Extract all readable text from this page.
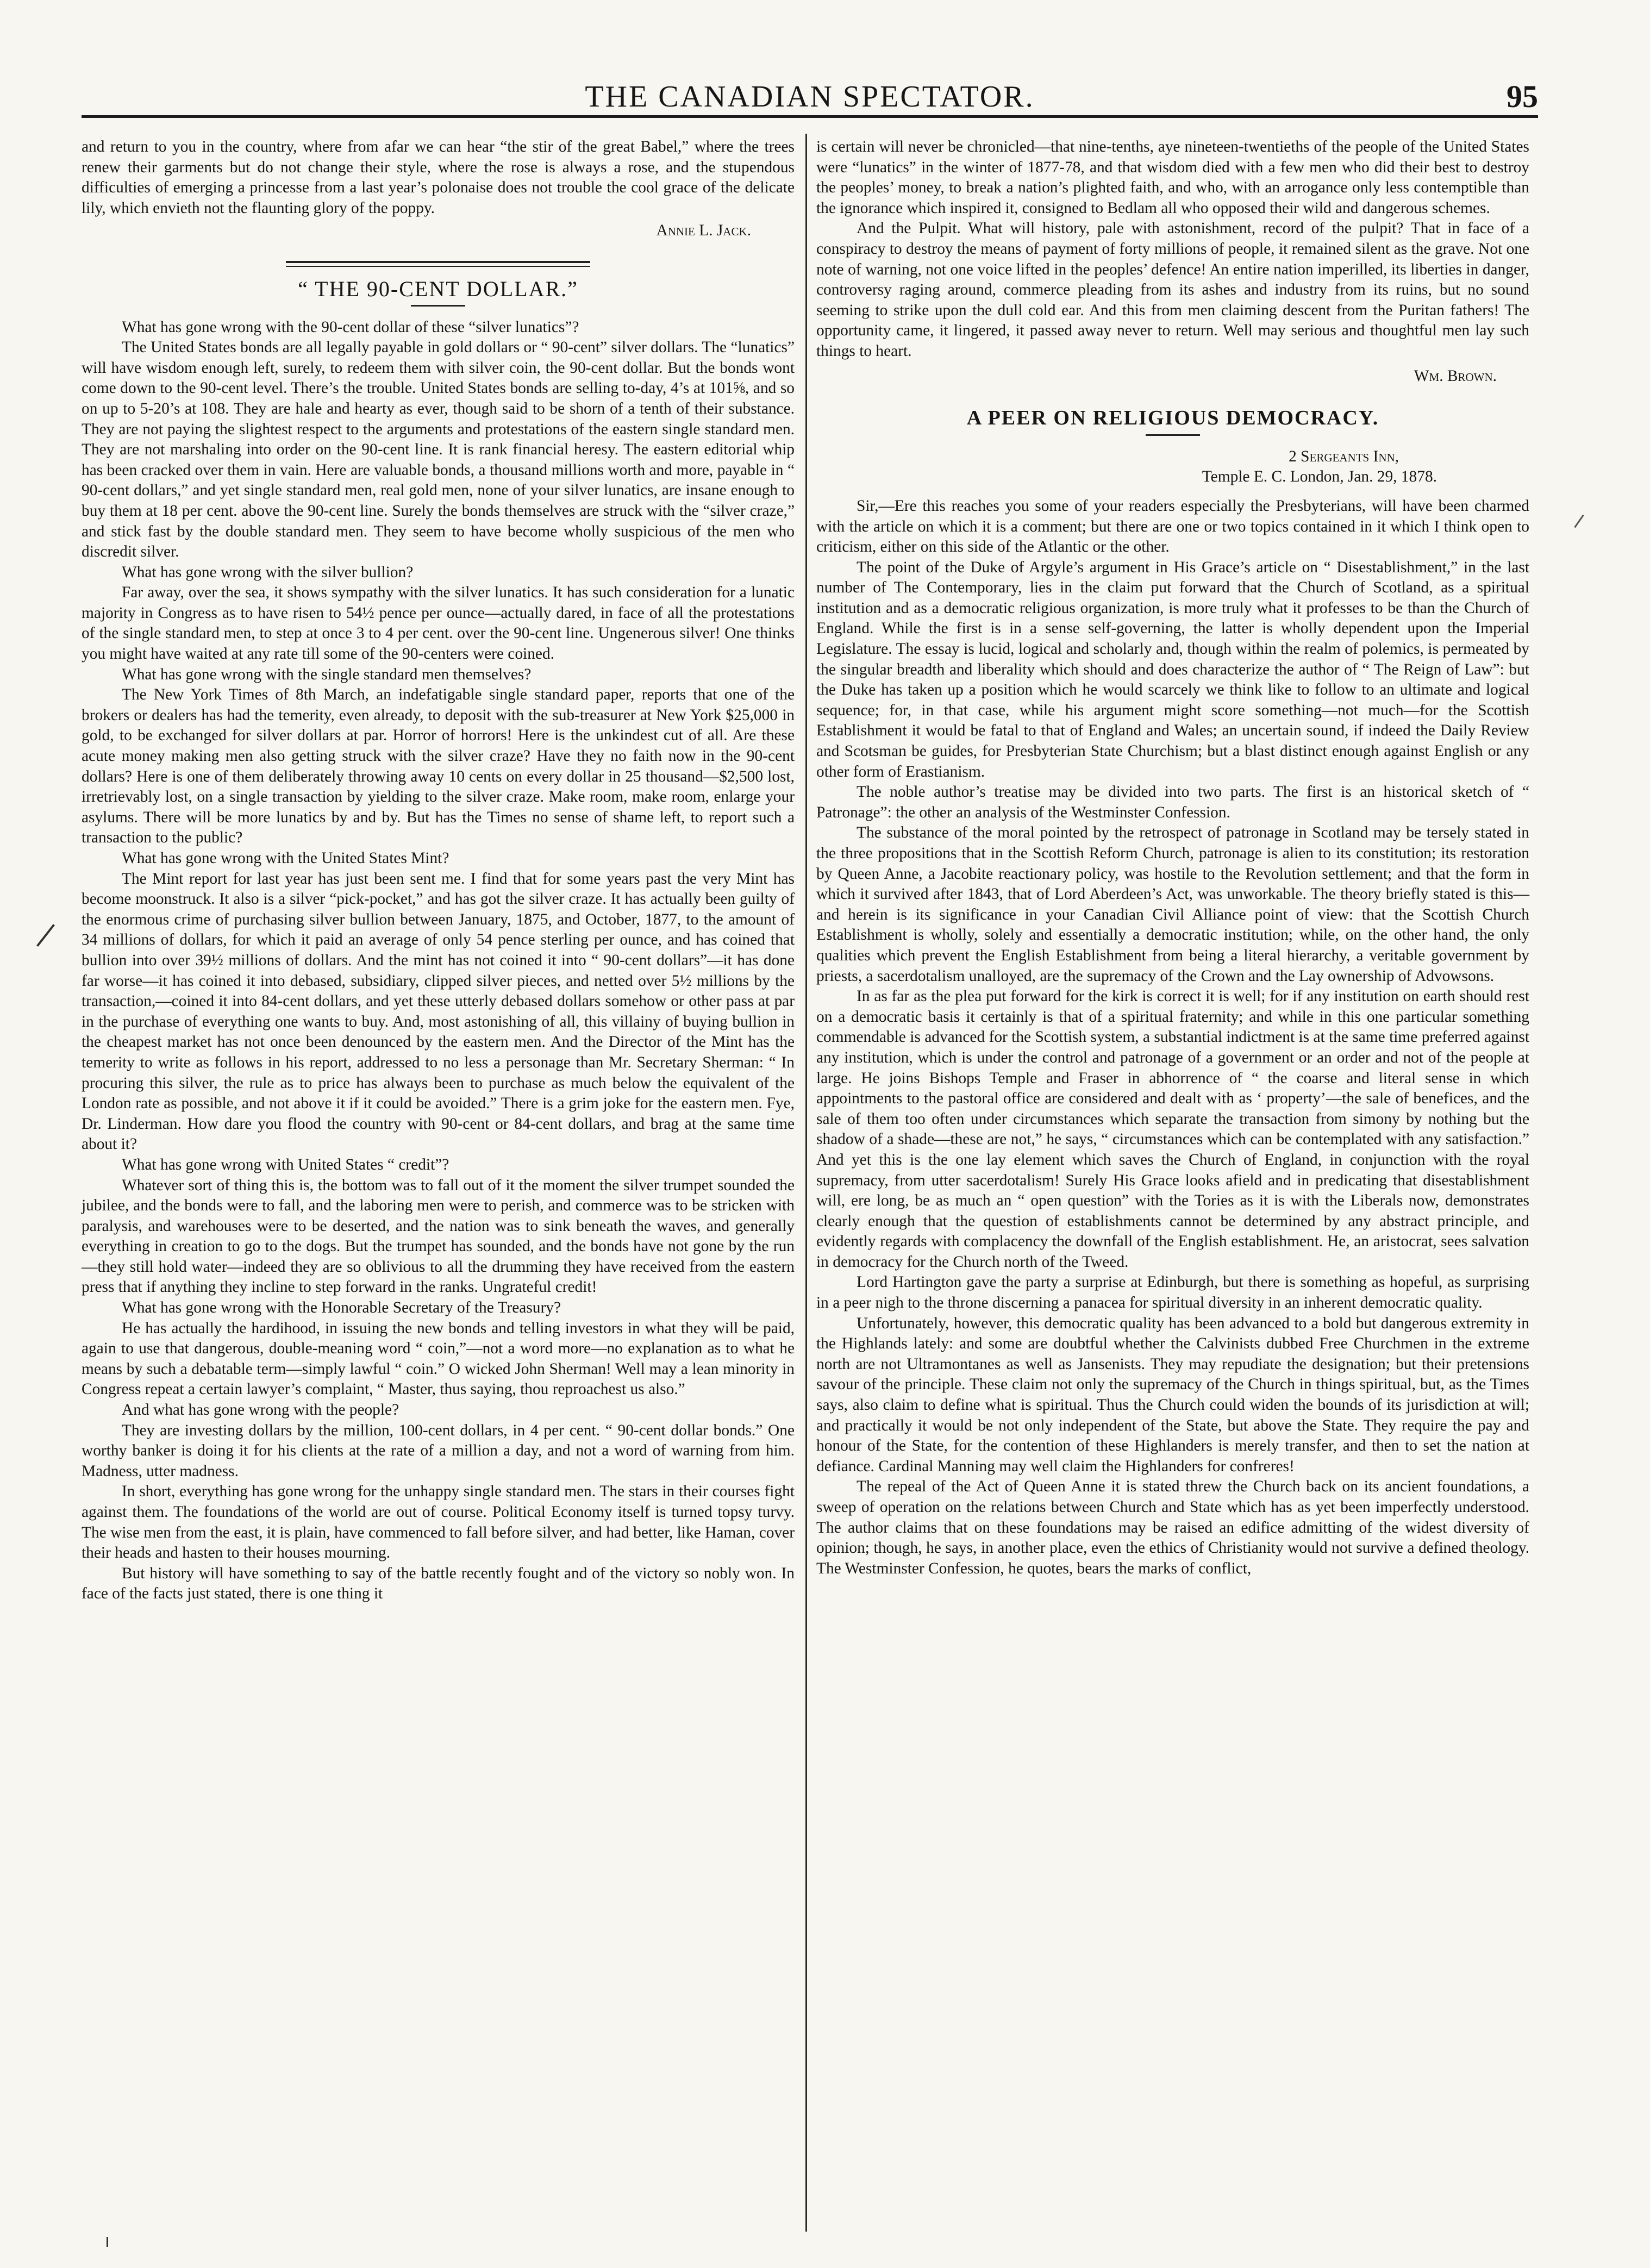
THE CANADIAN SPECTATOR.	95

and return to you in the country, where from afar we can hear “the stir of the great Babel,” where the trees renew their garments but do not change their style, where the rose is always a rose, and the stupendous difficulties of emerging a princesse from a last year’s polonaise does not trouble the cool grace of the delicate lily, which envieth not the flaunting glory of the poppy.

Annie L. Jack.
“ THE 90-CENT DOLLAR.”

What has gone wrong with the 90-cent dollar of these “silver lunatics”?

The United States bonds are all legally payable in gold dollars or “ 90-cent” silver dollars. The “lunatics” will have wisdom enough left, surely, to redeem them with silver coin, the 90-cent dollar. But the bonds wont come down to the 90-cent level. There’s the trouble. United States bonds are selling to-day, 4’s at 101⅝, and so on up to 5-20’s at 108. They are hale and hearty as ever, though said to be shorn of a tenth of their substance. They are not paying the slightest respect to the arguments and protestations of the eastern single standard men. They are not marshaling into order on the 90-cent line. It is rank financial heresy. The eastern editorial whip has been cracked over them in vain. Here are valuable bonds, a thousand millions worth and more, payable in “ 90-cent dollars,” and yet single standard men, real gold men, none of your silver lunatics, are insane enough to buy them at 18 per cent. above the 90-cent line. Surely the bonds themselves are struck with the “silver craze,” and stick fast by the double standard men. They seem to have become wholly suspicious of the men who discredit silver.

What has gone wrong with the silver bullion?

Far away, over the sea, it shows sympathy with the silver lunatics. It has such consideration for a lunatic majority in Congress as to have risen to 54½ pence per ounce—actually dared, in face of all the protestations of the single standard men, to step at once 3 to 4 per cent. over the 90-cent line. Ungenerous silver! One thinks you might have waited at any rate till some of the 90-centers were coined.

What has gone wrong with the single standard men themselves?

The New York Times of 8th March, an indefatigable single standard paper, reports that one of the brokers or dealers has had the temerity, even already, to deposit with the sub-treasurer at New York $25,000 in gold, to be exchanged for silver dollars at par. Horror of horrors! Here is the unkindest cut of all. Are these acute money making men also getting struck with the silver craze? Have they no faith now in the 90-cent dollars? Here is one of them deliberately throwing away 10 cents on every dollar in 25 thousand—$2,500 lost, irretrievably lost, on a single transaction by yielding to the silver craze. Make room, make room, enlarge your asylums. There will be more lunatics by and by. But has the Times no sense of shame left, to report such a transaction to the public?

What has gone wrong with the United States Mint?

The Mint report for last year has just been sent me. I find that for some years past the very Mint has become moonstruck. It also is a silver “pick-pocket,” and has got the silver craze. It has actually been guilty of the enormous crime of purchasing silver bullion between January, 1875, and October, 1877, to the amount of 34 millions of dollars, for which it paid an average of only 54 pence sterling per ounce, and has coined that bullion into over 39½ millions of dollars. And the mint has not coined it into “ 90-cent dollars”—it has done far worse—it has coined it into debased, subsidiary, clipped silver pieces, and netted over 5½ millions by the transaction,—coined it into 84-cent dollars, and yet these utterly debased dollars somehow or other pass at par in the purchase of everything one wants to buy. And, most astonishing of all, this villainy of buying bullion in the cheapest market has not once been denounced by the eastern men. And the Director of the Mint has the temerity to write as follows in his report, addressed to no less a personage than Mr. Secretary Sherman: “ In procuring this silver, the rule as to price has always been to purchase as much below the equivalent of the London rate as possible, and not above it if it could be avoided.” There is a grim joke for the eastern men. Fye, Dr. Linderman. How dare you flood the country with 90-cent or 84-cent dollars, and brag at the same time about it?

What has gone wrong with United States “ credit”?

Whatever sort of thing this is, the bottom was to fall out of it the moment the silver trumpet sounded the jubilee, and the bonds were to fall, and the laboring men were to perish, and commerce was to be stricken with paralysis, and warehouses were to be deserted, and the nation was to sink beneath the waves, and generally everything in creation to go to the dogs. But the trumpet has sounded, and the bonds have not gone by the run—they still hold water—indeed they are so oblivious to all the drumming they have received from the eastern press that if anything they incline to step forward in the ranks. Ungrateful credit!

What has gone wrong with the Honorable Secretary of the Treasury?

He has actually the hardihood, in issuing the new bonds and telling investors in what they will be paid, again to use that dangerous, double-meaning word “ coin,”—not a word more—no explanation as to what he means by such a debatable term—simply lawful “ coin.” O wicked John Sherman! Well may a lean minority in Congress repeat a certain lawyer’s complaint, “ Master, thus saying, thou reproachest us also.”

And what has gone wrong with the people?

They are investing dollars by the million, 100-cent dollars, in 4 per cent. “ 90-cent dollar bonds.” One worthy banker is doing it for his clients at the rate of a million a day, and not a word of warning from him. Madness, utter madness.

In short, everything has gone wrong for the unhappy single standard men. The stars in their courses fight against them. The foundations of the world are out of course. Political Economy itself is turned topsy turvy. The wise men from the east, it is plain, have commenced to fall before silver, and had better, like Haman, cover their heads and hasten to their houses mourning.

But history will have something to say of the battle recently fought and of the victory so nobly won. In face of the facts just stated, there is one thing it

is certain will never be chronicled—that nine-tenths, aye nineteen-twentieths of the people of the United States were “lunatics” in the winter of 1877-78, and that wisdom died with a few men who did their best to destroy the peoples’ money, to break a nation’s plighted faith, and who, with an arrogance only less contemptible than the ignorance which inspired it, consigned to Bedlam all who opposed their wild and dangerous schemes.

And the Pulpit. What will history, pale with astonishment, record of the pulpit? That in face of a conspiracy to destroy the means of payment of forty millions of people, it remained silent as the grave. Not one note of warning, not one voice lifted in the peoples’ defence! An entire nation imperilled, its liberties in danger, controversy raging around, commerce pleading from its ashes and industry from its ruins, but no sound seeming to strike upon the dull cold ear. And this from men claiming descent from the Puritan fathers! The opportunity came, it lingered, it passed away never to return. Well may serious and thoughtful men lay such things to heart.

Wm. Brown.
A PEER ON RELIGIOUS DEMOCRACY.
2 Sergeants Inn,
Temple E. C. London, Jan. 29, 1878.

Sir,—Ere this reaches you some of your readers especially the Presbyterians, will have been charmed with the article on which it is a comment; but there are one or two topics contained in it which I think open to criticism, either on this side of the Atlantic or the other.

The point of the Duke of Argyle’s argument in His Grace’s article on “ Disestablishment,” in the last number of The Contemporary, lies in the claim put forward that the Church of Scotland, as a spiritual institution and as a democratic religious organization, is more truly what it professes to be than the Church of England. While the first is in a sense self-governing, the latter is wholly dependent upon the Imperial Legislature. The essay is lucid, logical and scholarly and, though within the realm of polemics, is permeated by the singular breadth and liberality which should and does characterize the author of “ The Reign of Law”: but the Duke has taken up a position which he would scarcely we think like to follow to an ultimate and logical sequence; for, in that case, while his argument might score something—not much—for the Scottish Establishment it would be fatal to that of England and Wales; an uncertain sound, if indeed the Daily Review and Scotsman be guides, for Presbyterian State Churchism; but a blast distinct enough against English or any other form of Erastianism.

The noble author’s treatise may be divided into two parts. The first is an historical sketch of “ Patronage”: the other an analysis of the Westminster Confession.

The substance of the moral pointed by the retrospect of patronage in Scotland may be tersely stated in the three propositions that in the Scottish Reform Church, patronage is alien to its constitution; its restoration by Queen Anne, a Jacobite reactionary policy, was hostile to the Revolution settlement; and that the form in which it survived after 1843, that of Lord Aberdeen’s Act, was unworkable. The theory briefly stated is this—and herein is its significance in your Canadian Civil Alliance point of view: that the Scottish Church Establishment is wholly, solely and essentially a democratic institution; while, on the other hand, the only qualities which prevent the English Establishment from being a literal hierarchy, a veritable government by priests, a sacerdotalism unalloyed, are the supremacy of the Crown and the Lay ownership of Advowsons.

In as far as the plea put forward for the kirk is correct it is well; for if any institution on earth should rest on a democratic basis it certainly is that of a spiritual fraternity; and while in this one particular something commendable is advanced for the Scottish system, a substantial indictment is at the same time preferred against any institution, which is under the control and patronage of a government or an order and not of the people at large. He joins Bishops Temple and Fraser in abhorrence of “ the coarse and literal sense in which appointments to the pastoral office are considered and dealt with as ‘ property’—the sale of benefices, and the sale of them too often under circumstances which separate the transaction from simony by nothing but the shadow of a shade—these are not,” he says, “ circumstances which can be contemplated with any satisfaction.” And yet this is the one lay element which saves the Church of England, in conjunction with the royal supremacy, from utter sacerdotalism! Surely His Grace looks afield and in predicating that disestablishment will, ere long, be as much an “ open question” with the Tories as it is with the Liberals now, demonstrates clearly enough that the question of establishments cannot be determined by any abstract principle, and evidently regards with complacency the downfall of the English establishment. He, an aristocrat, sees salvation in democracy for the Church north of the Tweed.

Lord Hartington gave the party a surprise at Edinburgh, but there is something as hopeful, as surprising in a peer nigh to the throne discerning a panacea for spiritual diversity in an inherent democratic quality.

Unfortunately, however, this democratic quality has been advanced to a bold but dangerous extremity in the Highlands lately: and some are doubtful whether the Calvinists dubbed Free Churchmen in the extreme north are not Ultramontanes as well as Jansenists. They may repudiate the designation; but their pretensions savour of the principle. These claim not only the supremacy of the Church in things spiritual, but, as the Times says, also claim to define what is spiritual. Thus the Church could widen the bounds of its jurisdiction at will; and practically it would be not only independent of the State, but above the State. They require the pay and honour of the State, for the contention of these Highlanders is merely transfer, and then to set the nation at defiance. Cardinal Manning may well claim the Highlanders for confreres!

The repeal of the Act of Queen Anne it is stated threw the Church back on its ancient foundations, a sweep of operation on the relations between Church and State which has as yet been imperfectly understood. The author claims that on these foundations may be raised an edifice admitting of the widest diversity of opinion; though, he says, in another place, even the ethics of Christianity would not survive a defined theology. The Westminster Confession, he quotes, bears the marks of conflict,
